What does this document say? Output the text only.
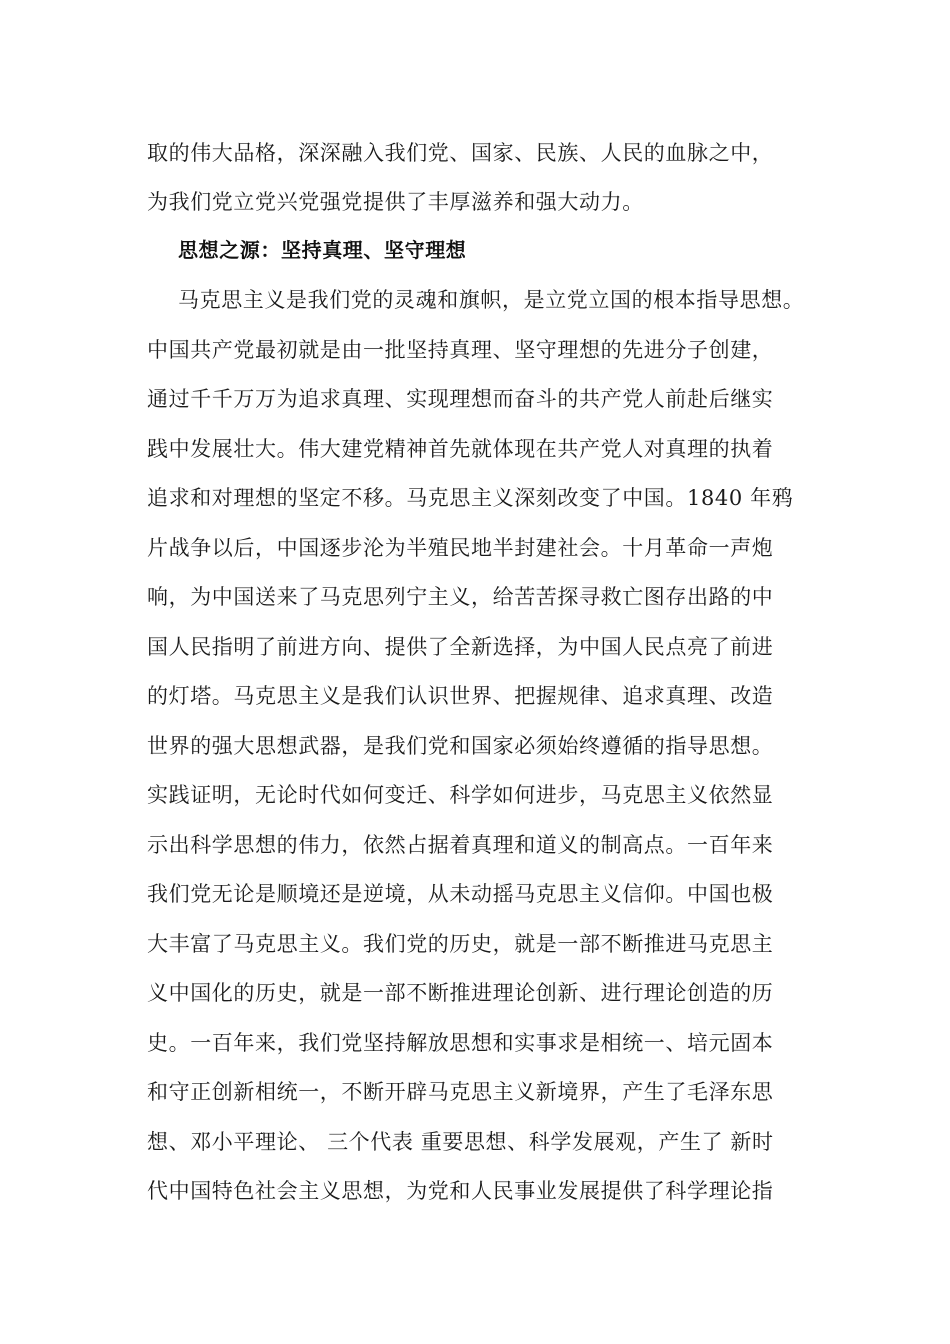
取的伟大品格，深深融入我们党、国家、民族、人民的血脉之中，
为我们党立党兴党强党提供了丰厚滋养和强大动力。
思想之源：坚持真理、坚守理想
马克思主义是我们党的灵魂和旗帜，是立党立国的根本指导思想。
中国共产党最初就是由一批坚持真理、坚守理想的先进分子创建，
通过千千万万为追求真理、实现理想而奋斗的共产党人前赴后继实
践中发展壮大。伟大建党精神首先就体现在共产党人对真理的执着
追求和对理想的坚定不移。马克思主义深刻改变了中国。1840 年鸦
片战争以后，中国逐步沦为半殖民地半封建社会。十月革命一声炮
响，为中国送来了马克思列宁主义，给苦苦探寻救亡图存出路的中
国人民指明了前进方向、提供了全新选择，为中国人民点亮了前进
的灯塔。马克思主义是我们认识世界、把握规律、追求真理、改造
世界的强大思想武器，是我们党和国家必须始终遵循的指导思想。
实践证明，无论时代如何变迁、科学如何进步，马克思主义依然显
示出科学思想的伟力，依然占据着真理和道义的制高点。一百年来
我们党无论是顺境还是逆境，从未动摇马克思主义信仰。中国也极
大丰富了马克思主义。我们党的历史，就是一部不断推进马克思主
义中国化的历史，就是一部不断推进理论创新、进行理论创造的历
史。一百年来，我们党坚持解放思想和实事求是相统一、培元固本
和守正创新相统一，不断开辟马克思主义新境界，产生了毛泽东思
想、邓小平理论、 三个代表 重要思想、科学发展观，产生了 新时
代中国特色社会主义思想，为党和人民事业发展提供了科学理论指
